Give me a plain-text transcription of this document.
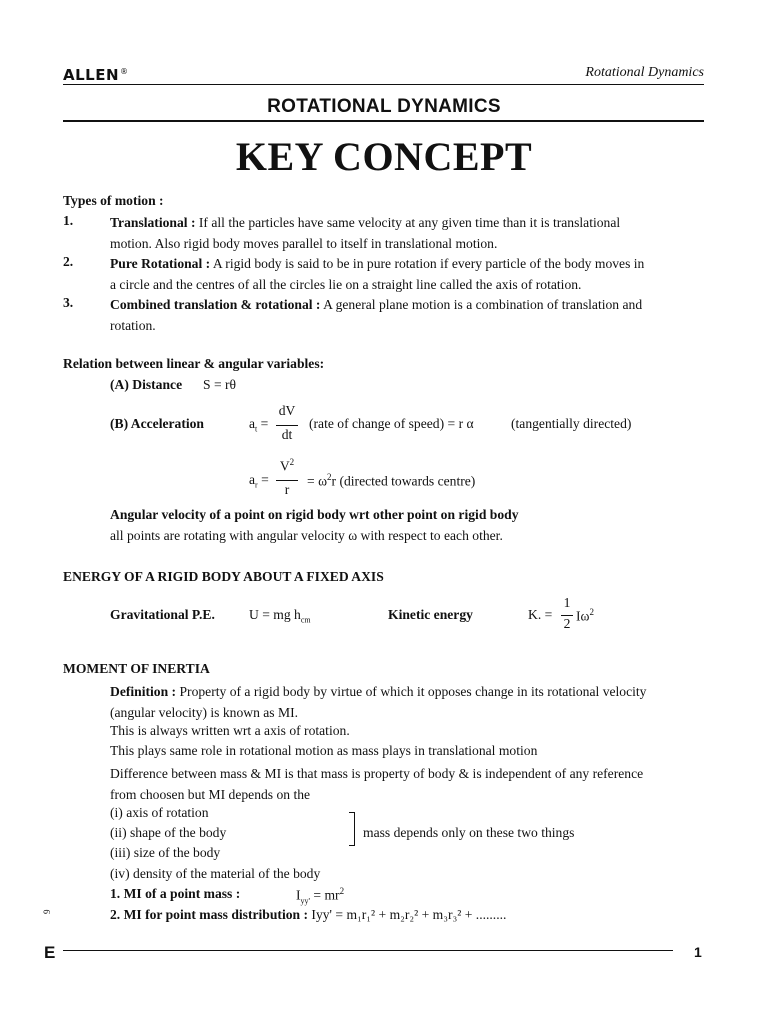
ALLEN®	Rotational Dynamics
ROTATIONAL DYNAMICS
KEY CONCEPT
Types of motion :
1.	Translational : If all the particles have same velocity at any given time than it is translational
motion. Also rigid body moves parallel to itself in translational motion.
2.	Pure Rotational : A rigid body is said to be in pure rotation if every particle of the body moves in
a circle and the centres of all the circles lie on a straight line called the axis of rotation.
3.	Combined translation & rotational : A general plane motion is a combination of translation and
rotation.
Relation between linear & angular variables:
(A) Distance S = rθ
(B) Acceleration	$a_t$ =
dV
dt
(rate of change of speed) = r α	(tangentially directed)
$a_r$ =
$V^2$
r
= $\omega^2r$ (directed towards centre)
Angular velocity of a point on rigid body wrt other point on rigid body
all points are rotating with angular velocity ω with respect to each other.
ENERGY OF A RIGID BODY ABOUT A FIXED AXIS
Gravitational P.E.	U = mg $h_{cm}$	Kinetic energy	K. =
1
2 $I\omega^2$
MOMENT OF INERTIA
Definition : Property of a rigid body by virtue of which it opposes change in its rotational velocity
(angular velocity) is known as MI.
This is always written wrt a axis of rotation.
This plays same role in rotational motion as mass plays in translational motion
Difference between mass & MI is that mass is property of body & is independent of any reference
from choosen but MI depends on the
(i) axis of rotation
(ii) shape of the body
(iii) size of the body
(iv) density of the material of the body
mass depends only on these two things
1. MI of a point mass :	$I_{yy'} = mr^2$
2. MI for point mass distribution : Iyy' = m₁r₁² + m₂r₂² + m₃r₃² + .........
9
E	1
